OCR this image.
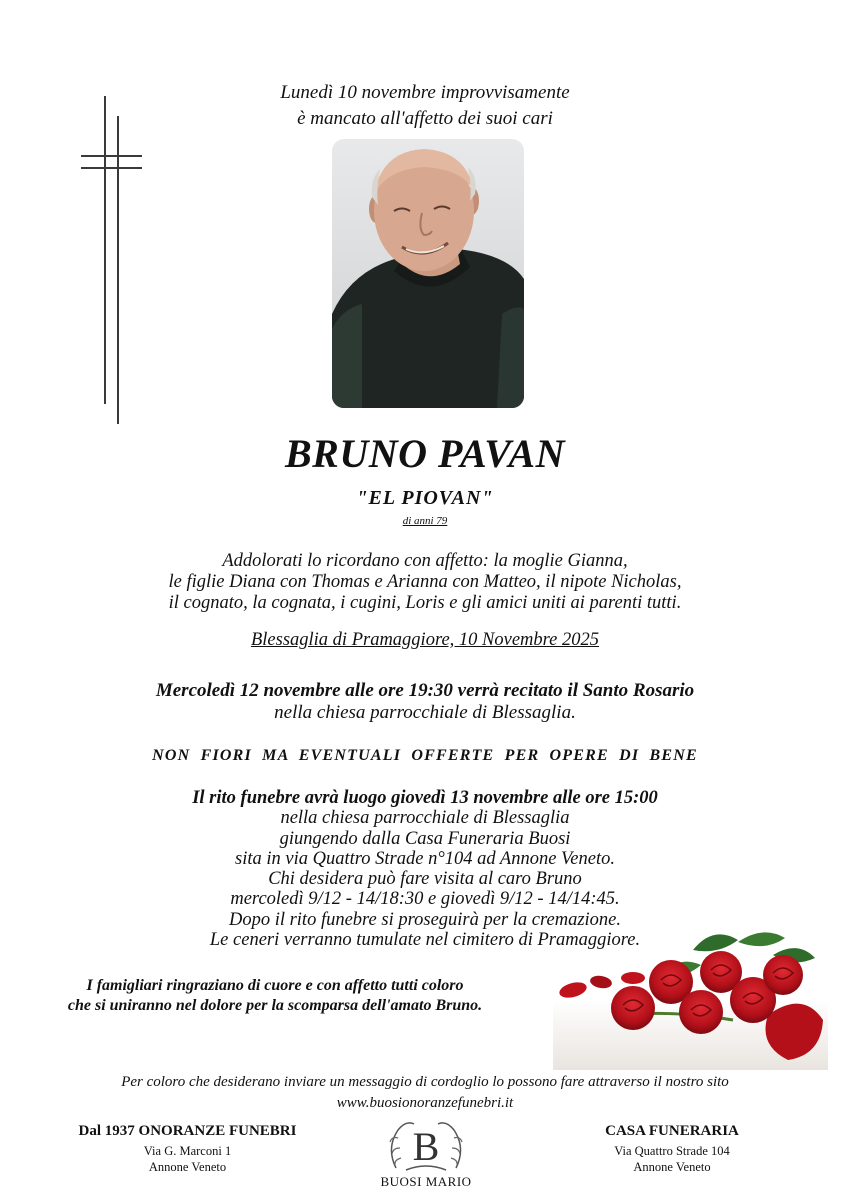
Lunedì 10 novembre improvvisamente
è mancato all'affetto dei suoi cari
BRUNO PAVAN
"EL PIOVAN"
di anni 79
Addolorati lo ricordano con affetto: la moglie Gianna,
le figlie Diana con Thomas e Arianna con Matteo, il nipote Nicholas,
il cognato, la cognata, i cugini, Loris e gli amici uniti ai parenti tutti.
Blessaglia di Pramaggiore, 10 Novembre 2025
Mercoledì 12 novembre alle ore 19:30 verrà recitato il Santo Rosario
nella chiesa parrocchiale di Blessaglia.
NON FIORI MA EVENTUALI OFFERTE PER OPERE DI BENE
Il rito funebre avrà luogo giovedì 13 novembre alle ore 15:00
nella chiesa parrocchiale di Blessaglia
giungendo dalla Casa Funeraria Buosi
sita in via Quattro Strade n°104 ad Annone Veneto.
Chi desidera può fare visita al caro Bruno
mercoledì 9/12 - 14/18:30 e giovedì 9/12 - 14/14:45.
Dopo il rito funebre si proseguirà per la cremazione.
Le ceneri verranno tumulate nel cimitero di Pramaggiore.
I famigliari ringraziano di cuore e con affetto tutti coloro
che si uniranno nel dolore per la scomparsa dell'amato Bruno.
Per coloro che desiderano inviare un messaggio di cordoglio lo possono fare attraverso il nostro sito
www.buosionoranzefunebri.it
Dal 1937 ONORANZE FUNEBRI
Via G. Marconi 1
Annone Veneto	B
BUOSI MARIO
CASA FUNERARIA
Via Quattro Strade 104
Annone Veneto
